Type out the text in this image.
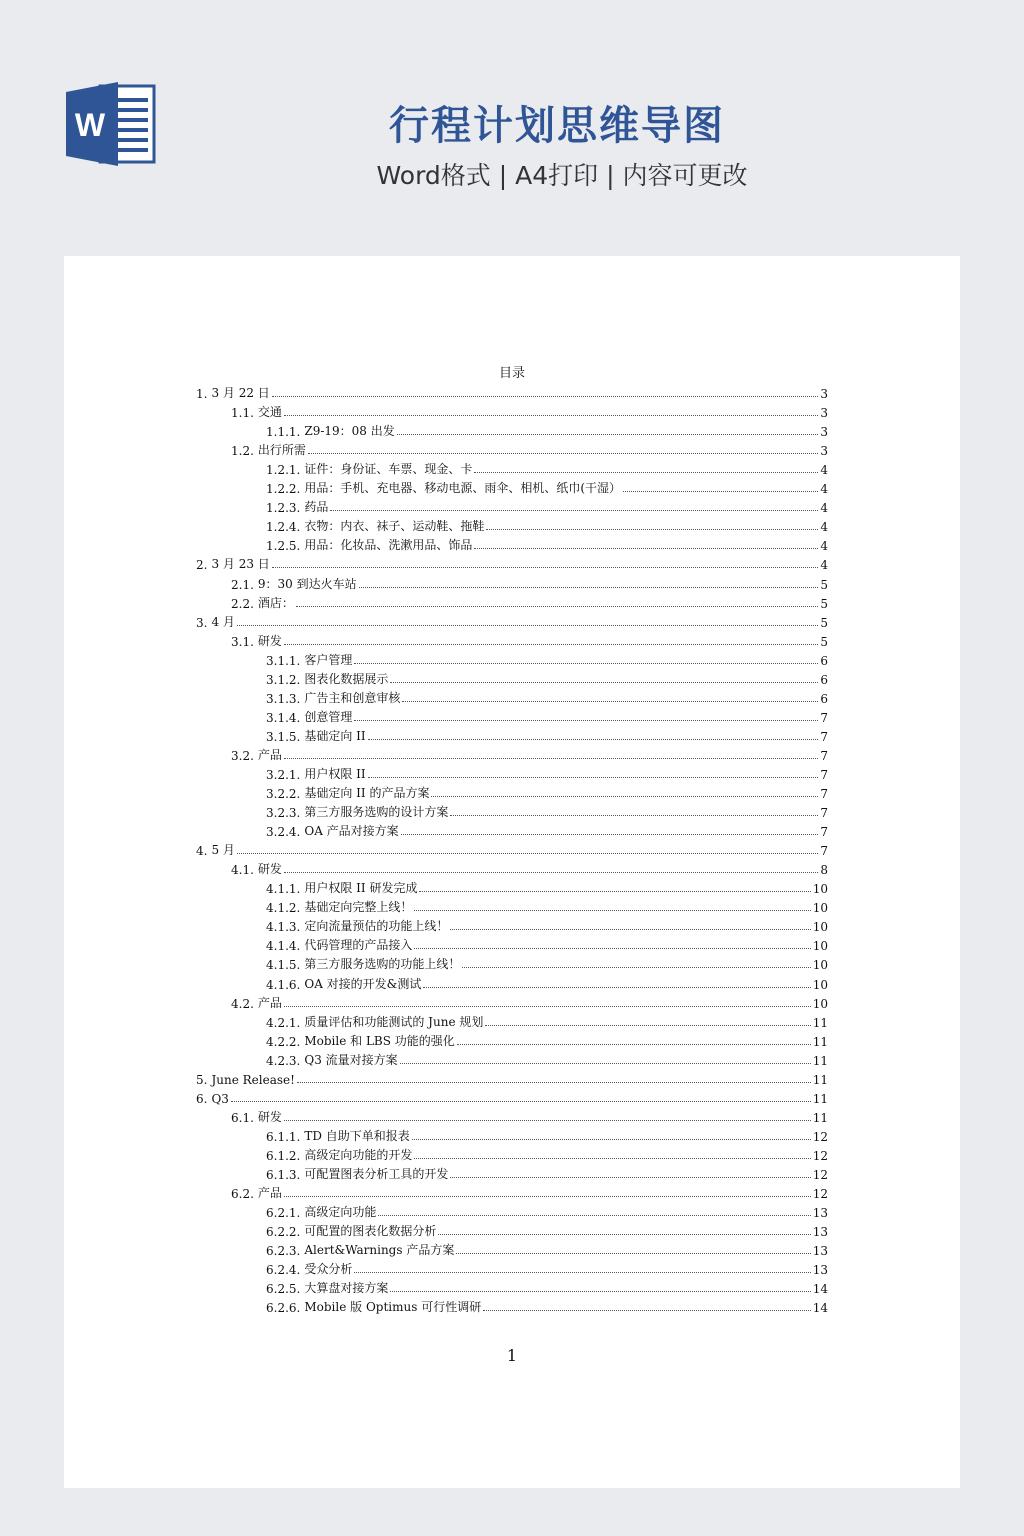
W	行程计划思维导图
Word格式 | A4打印 | 内容可更改
目录
1. 3 月 22 日	3
1.1. 交通	3
1.1.1. Z9-19：08 出发	3
1.2. 出行所需	3
1.2.1. 证件：身份证、车票、现金、卡	4
1.2.2. 用品：手机、充电器、移动电源、雨伞、相机、纸巾(干湿）	4
1.2.3. 药品	4
1.2.4. 衣物：内衣、袜子、运动鞋、拖鞋	4
1.2.5. 用品：化妆品、洗漱用品、饰品	4
2. 3 月 23 日	4
2.1. 9：30 到达火车站	5
2.2. 酒店：	5
3. 4 月	5
3.1. 研发	5
3.1.1. 客户管理	6
3.1.2. 图表化数据展示	6
3.1.3. 广告主和创意审核	6
3.1.4. 创意管理	7
3.1.5. 基础定向 II	7
3.2. 产品	7
3.2.1. 用户权限 II	7
3.2.2. 基础定向 II 的产品方案	7
3.2.3. 第三方服务选购的设计方案	7
3.2.4. OA 产品对接方案	7
4. 5 月	7
4.1. 研发	8
4.1.1. 用户权限 II 研发完成	10
4.1.2. 基础定向完整上线！	10
4.1.3. 定向流量预估的功能上线！	10
4.1.4. 代码管理的产品接入	10
4.1.5. 第三方服务选购的功能上线！	10
4.1.6. OA 对接的开发&测试	10
4.2. 产品	10
4.2.1. 质量评估和功能测试的 June 规划	11
4.2.2. Mobile 和 LBS 功能的强化	11
4.2.3. Q3 流量对接方案	11
5. June Release!	11
6. Q3	11
6.1. 研发	11
6.1.1. TD 自助下单和报表	12
6.1.2. 高级定向功能的开发	12
6.1.3. 可配置图表分析工具的开发	12
6.2. 产品	12
6.2.1. 高级定向功能	13
6.2.2. 可配置的图表化数据分析	13
6.2.3. Alert&Warnings 产品方案	13
6.2.4. 受众分析	13
6.2.5. 大算盘对接方案	14
6.2.6. Mobile 版 Optimus 可行性调研	14
1
